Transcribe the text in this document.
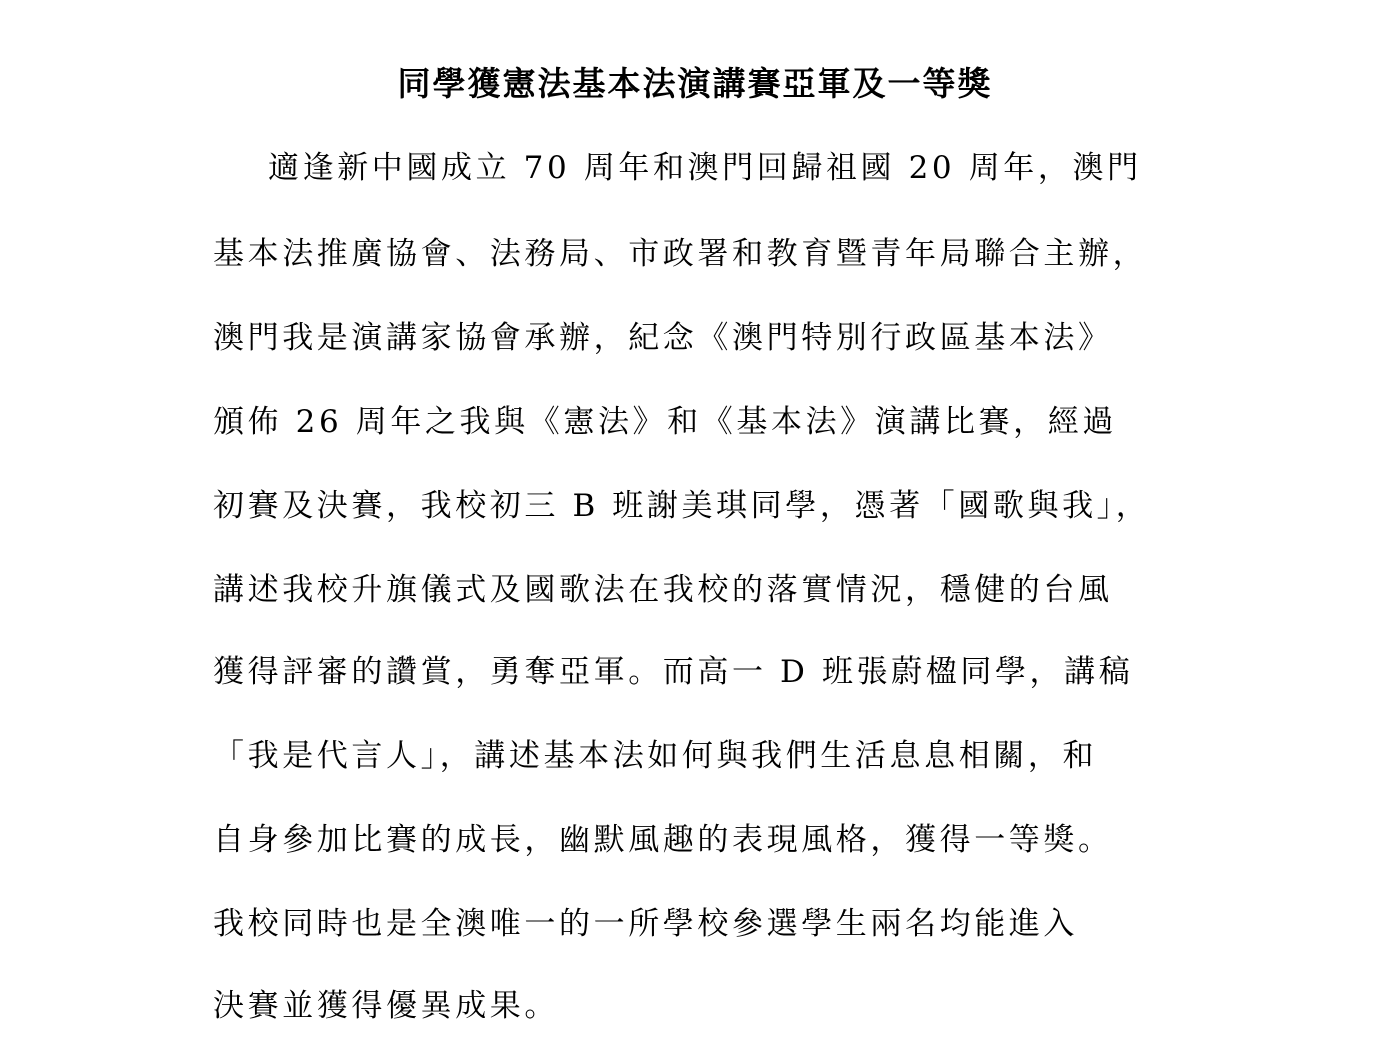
同學獲憲法基本法演講賽亞軍及一等獎
適逢新中國成立 70 周年和澳門回歸祖國 20 周年，澳門
基本法推廣協會、法務局、市政署和教育暨青年局聯合主辦，
澳門我是演講家協會承辦，紀念《澳門特別行政區基本法》
頒佈 26 周年之我與《憲法》和《基本法》演講比賽，經過
初賽及決賽，我校初三 B 班謝美琪同學，憑著「國歌與我」，
講述我校升旗儀式及國歌法在我校的落實情況，穩健的台風
獲得評審的讚賞，勇奪亞軍。而高一 D 班張蔚楹同學，講稿
「我是代言人」，講述基本法如何與我們生活息息相關，和
自身參加比賽的成長，幽默風趣的表現風格，獲得一等獎。
我校同時也是全澳唯一的一所學校參選學生兩名均能進入
決賽並獲得優異成果。
